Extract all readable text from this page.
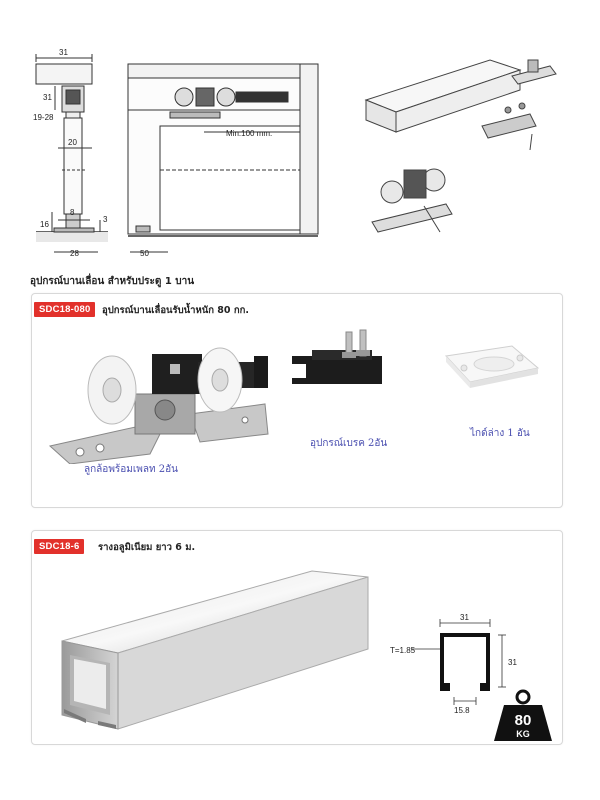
31
31
19-28
20
8
16
28
3
Min.100 mm.
50
อุปกรณ์บานเลื่อน สำหรับประตู 1 บาน
SDC18-080	อุปกรณ์บานเลื่อนรับน้ำหนัก 80 กก.
ลูกล้อพร้อมเพลท 2อัน
อุปกรณ์เบรค 2อัน
ไกด์ล่าง 1 อัน
SDC18-6	รางอลูมิเนียม ยาว 6 ม.
31
31
T=1.85
15.8
80
KG
